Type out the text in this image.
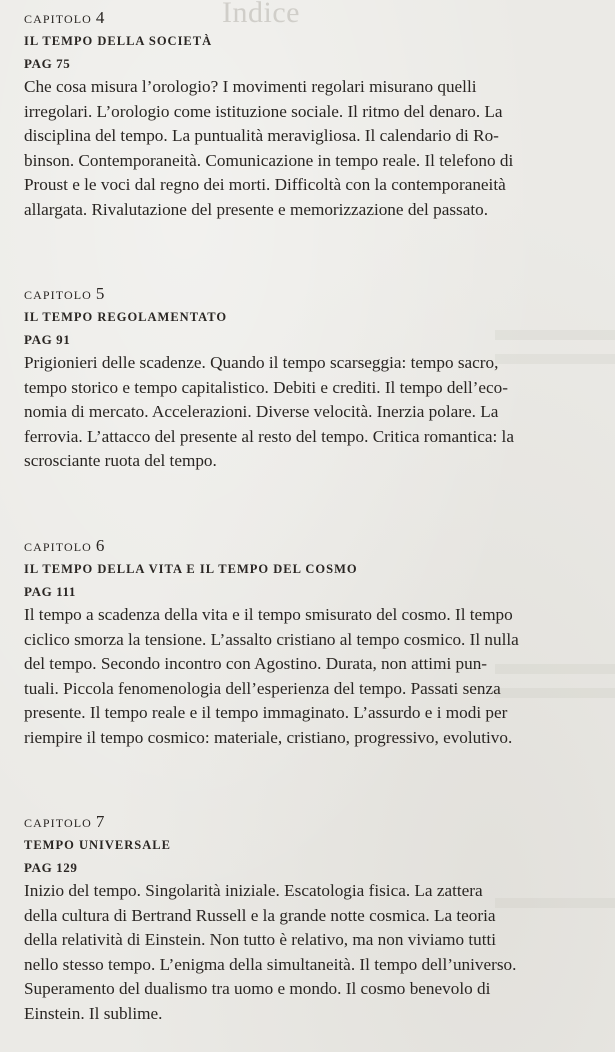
Indice
CAPITOLO 4
IL TEMPO DELLA SOCIETÀ
PAG 75
Che cosa misura l’orologio? I movimenti regolari misurano quelli
irregolari. L’orologio come istituzione sociale. Il ritmo del denaro. La
disciplina del tempo. La puntualità meravigliosa. Il calendario di Ro-
binson. Contemporaneità. Comunicazione in tempo reale. Il telefono di
Proust e le voci dal regno dei morti. Difficoltà con la contemporaneità
allargata. Rivalutazione del presente e memorizzazione del passato.
CAPITOLO 5
IL TEMPO REGOLAMENTATO
PAG 91
Prigionieri delle scadenze. Quando il tempo scarseggia: tempo sacro,
tempo storico e tempo capitalistico. Debiti e crediti. Il tempo dell’eco-
nomia di mercato. Accelerazioni. Diverse velocità. Inerzia polare. La
ferrovia. L’attacco del presente al resto del tempo. Critica romantica: la
scrosciante ruota del tempo.
CAPITOLO 6
IL TEMPO DELLA VITA E IL TEMPO DEL COSMO
PAG 111
Il tempo a scadenza della vita e il tempo smisurato del cosmo. Il tempo
ciclico smorza la tensione. L’assalto cristiano al tempo cosmico. Il nulla
del tempo. Secondo incontro con Agostino. Durata, non attimi pun-
tuali. Piccola fenomenologia dell’esperienza del tempo. Passati senza
presente. Il tempo reale e il tempo immaginato. L’assurdo e i modi per
riempire il tempo cosmico: materiale, cristiano, progressivo, evolutivo.
CAPITOLO 7
TEMPO UNIVERSALE
PAG 129
Inizio del tempo. Singolarità iniziale. Escatologia fisica. La zattera
della cultura di Bertrand Russell e la grande notte cosmica. La teoria
della relatività di Einstein. Non tutto è relativo, ma non viviamo tutti
nello stesso tempo. L’enigma della simultaneità. Il tempo dell’universo.
Superamento del dualismo tra uomo e mondo. Il cosmo benevolo di
Einstein. Il sublime.
